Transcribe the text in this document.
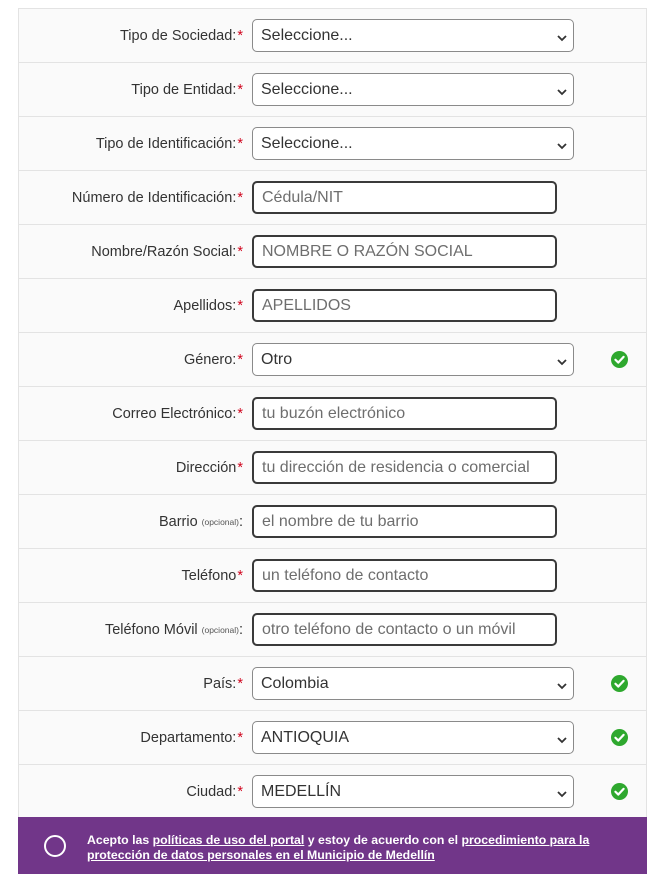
Tipo de Sociedad: * Seleccione...
Tipo de Entidad: * Seleccione...
Tipo de Identificación: * Seleccione...
Número de Identificación: * Cédula/NIT
Nombre/Razón Social: * NOMBRE O RAZÓN SOCIAL
Apellidos: * APELLIDOS
Género: * Otro
Correo Electrónico: * tu buzón electrónico
Dirección * tu dirección de residencia o comercial
Barrio (opcional) : el nombre de tu barrio
Teléfono * un teléfono de contacto
Teléfono Móvil (opcional) : otro teléfono de contacto o un móvil
País: * Colombia
Departamento: * ANTIOQUIA
Ciudad: * MEDELLÍN
Acepto las políticas de uso del portal y estoy de acuerdo con el procedimiento para la protección de datos personales en el Municipio de Medellín
